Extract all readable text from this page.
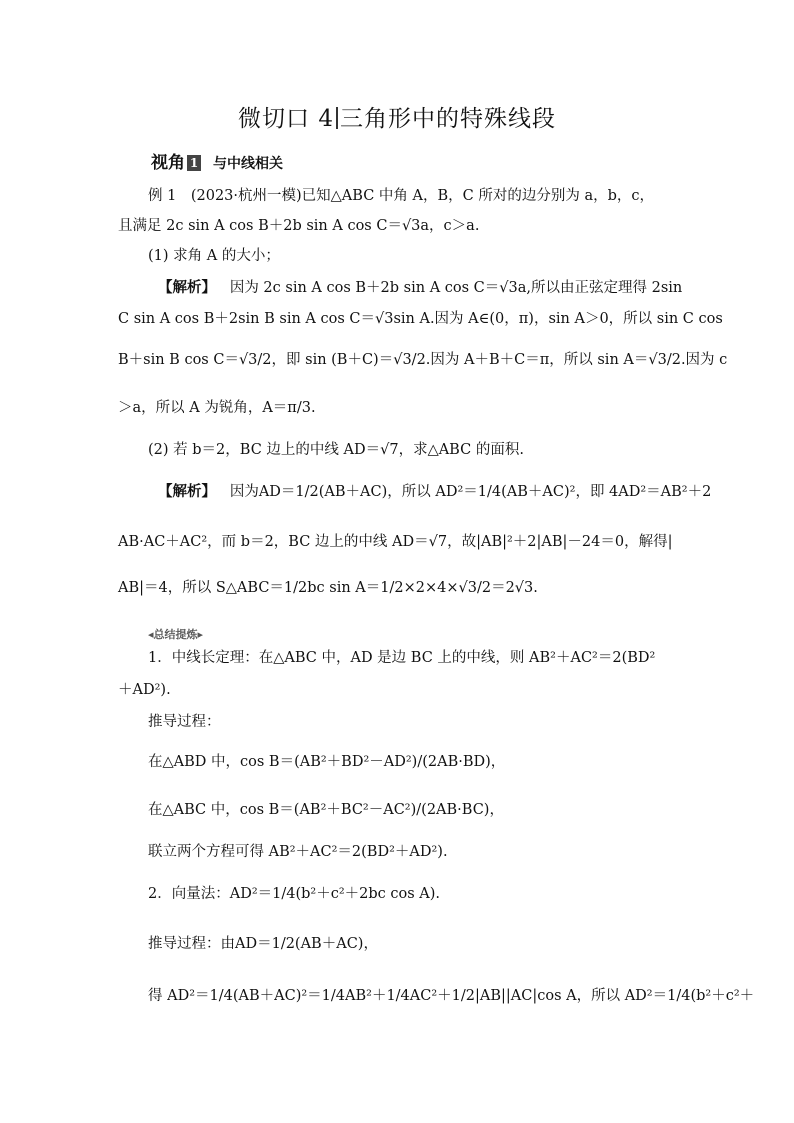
微切口 4 三角形中的特殊线段
视角 1 与中线相关
例 1　(2023·杭州一模)已知△ABC 中角 A，B，C 所对的边分别为 a，b，c，
且满足 2c sin A cos B＋2b sin A cos C＝√3a，c＞a.
(1) 求角 A 的大小；
【解析】 因为 2c sin A cos B＋2b sin A cos C＝√3a,所以由正弦定理得 2sin
C sin A cos B＋2sin B sin A cos C＝√3sin A.因为 A∈(0，π)，sin A＞0，所以 sin C cos
B＋sin B cos C＝√3/2，即 sin (B＋C)＝√3/2.因为 A＋B＋C＝π，所以 sin A＝√3/2.因为 c
＞a，所以 A 为锐角，A＝π/3.
(2) 若 b＝2，BC 边上的中线 AD＝√7，求△ABC 的面积.
【解析】 因为AD＝1/2(AB＋AC)，所以 AD²＝1/4(AB＋AC)²，即 4AD²＝AB²＋2
AB·AC＋AC²，而 b＝2，BC 边上的中线 AD＝√7，故|AB|²＋2|AB|－24＝0，解得|
AB|＝4，所以 S△ABC＝1/2bc sin A＝1/2×2×4×√3/2＝2√3.
◂总结提炼▸
1．中线长定理：在△ABC 中，AD 是边 BC 上的中线，则 AB²＋AC²＝2(BD²
＋AD²).
推导过程：
在△ABD 中，cos B＝(AB²＋BD²－AD²)/(2AB·BD)，
在△ABC 中，cos B＝(AB²＋BC²－AC²)/(2AB·BC)，
联立两个方程可得 AB²＋AC²＝2(BD²＋AD²).
2．向量法：AD²＝1/4(b²＋c²＋2bc cos A).
推导过程：由AD＝1/2(AB＋AC)，
得 AD²＝1/4(AB＋AC)²＝1/4AB²＋1/4AC²＋1/2|AB||AC|cos A，所以 AD²＝1/4(b²＋c²＋
